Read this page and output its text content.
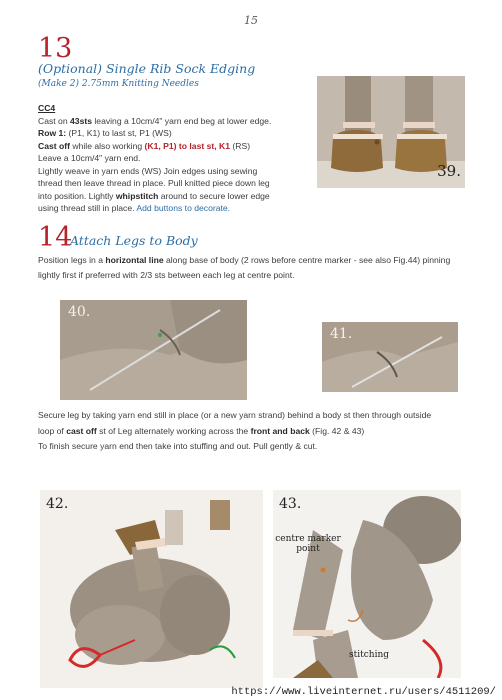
15
13
(Optional) Single Rib Sock Edging
(Make 2) 2.75mm Knitting Needles
CC4
Cast on 43sts leaving a 10cm/4" yarn end beg at lower edge.
Row 1: (P1, K1) to last st, P1 (WS)
Cast off while also working (K1, P1) to last st, K1 (RS)
Leave a 10cm/4" yarn end.
Lightly weave in yarn ends (WS) Join edges using sewing
thread then leave thread in place. Pull knitted piece down leg
into position. Lightly whipstitch around to secure lower edge
using thread still in place. Add buttons to decorate.
39.
14
Attach Legs to Body
Position legs in a horizontal line along base of body (2 rows before centre marker - see also Fig.44) pinning
lightly first if preferred with 2/3 sts between each leg at centre point.
40.
41.
Secure leg by taking yarn end still in place (or a new yarn strand) behind a body st then through outside
loop of cast off st of Leg alternately working across the front and back (Fig. 42 & 43)
To finish secure yarn end then take into stuffing and out. Pull gently & cut.
42.	43.
centre marker point
stitching
https://www.liveinternet.ru/users/4511209/
